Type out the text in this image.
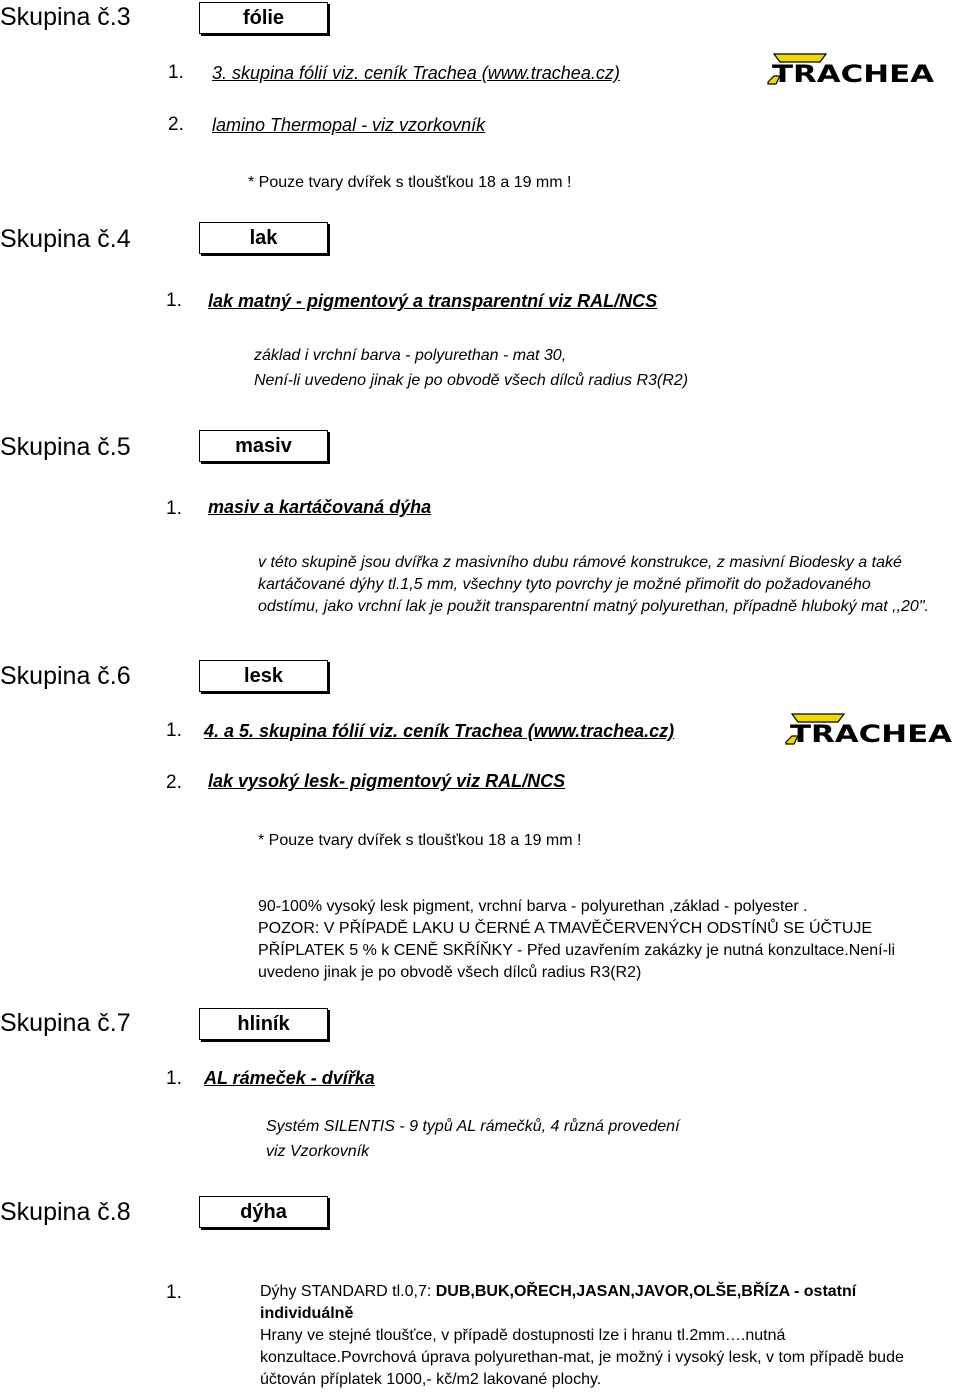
Skupina č.3	fólie
1. 3. skupina fólií viz. ceník Trachea (www.trachea.cz)
2. lamino Thermopal - viz vzorkovník
* Pouze tvary dvířek s tloušťkou 18 a 19 mm !
TRACHEA
Skupina č.4	lak
1. lak matný - pigmentový a transparentní viz RAL/NCS
základ i vrchní barva - polyurethan - mat 30,
Není-li uvedeno jinak je po obvodě všech dílců radius R3(R2)
Skupina č.5	masiv
1. masiv a kartáčovaná dýha
v této skupině jsou dvířka z masivního dubu rámové konstrukce, z masivní Biodesky a také
kartáčované dýhy tl.1,5 mm, všechny tyto povrchy je možné přimořit do požadovaného
odstímu, jako vrchní lak je použit transparentní matný polyurethan, případně hluboký mat ,,20".
Skupina č.6	lesk
1. 4. a 5. skupina fólií viz. ceník Trachea (www.trachea.cz)
2. lak vysoký lesk- pigmentový viz RAL/NCS
* Pouze tvary dvířek s tloušťkou 18 a 19 mm !
90-100% vysoký lesk pigment, vrchní barva - polyurethan ,základ - polyester .
POZOR: V PŘÍPADĚ LAKU U ČERNÉ A TMAVĚČERVENÝCH ODSTÍNŮ SE ÚČTUJE
PŘÍPLATEK 5 % k CENĚ SKŘÍŇKY - Před uzavřením zakázky je nutná konzultace.Není-li
uvedeno jinak je po obvodě všech dílců radius R3(R2)
TRACHEA
Skupina č.7	hliník
1. AL rámeček - dvířka
Systém SILENTIS - 9 typů AL rámečků, 4 různá provedení
viz Vzorkovník
Skupina č.8	dýha
1.	Dýhy STANDARD tl.0,7: DUB,BUK,OŘECH,JASAN,JAVOR,OLŠE,BŘÍZA - ostatní
individuálně
Hrany ve stejné tloušťce, v případě dostupnosti lze i hranu tl.2mm….nutná
konzultace.Povrchová úprava polyurethan-mat, je možný i vysoký lesk, v tom případě bude
účtován příplatek 1000,- kč/m2 lakované plochy.
